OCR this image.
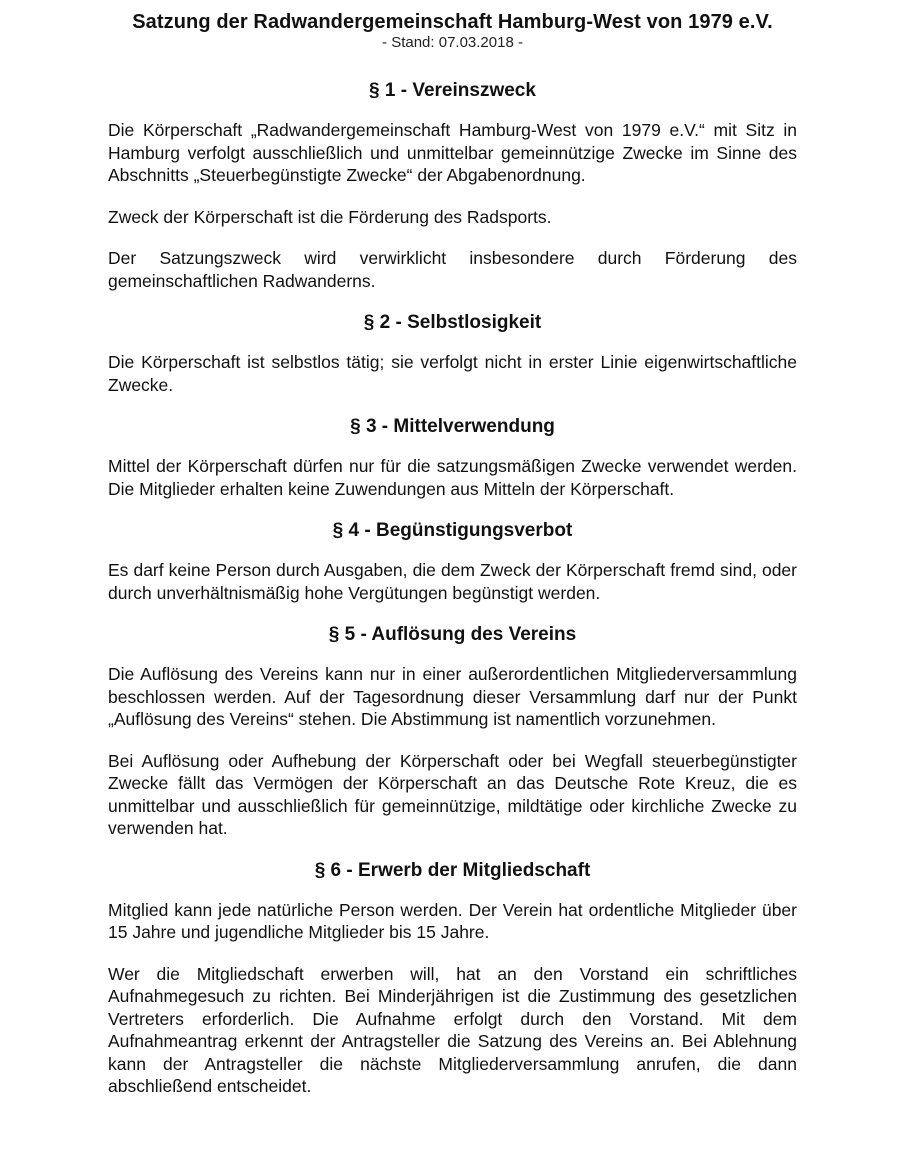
Satzung der Radwandergemeinschaft Hamburg-West von 1979 e.V.

- Stand: 07.03.2018 -

§ 1 - Vereinszweck

Die Körperschaft „Radwandergemeinschaft Hamburg-West von 1979 e.V.“ mit Sitz in Hamburg verfolgt ausschließlich und unmittelbar gemeinnützige Zwecke im Sinne des Abschnitts „Steuerbegünstigte Zwecke“ der Abgabenordnung.

Zweck der Körperschaft ist die Förderung des Radsports.

Der Satzungszweck wird verwirklicht insbesondere durch Förderung des gemeinschaftlichen Radwanderns.

§ 2 - Selbstlosigkeit

Die Körperschaft ist selbstlos tätig; sie verfolgt nicht in erster Linie eigenwirtschaftliche Zwecke.

§ 3 - Mittelverwendung

Mittel der Körperschaft dürfen nur für die satzungsmäßigen Zwecke verwendet werden. Die Mitglieder erhalten keine Zuwendungen aus Mitteln der Körperschaft.

§ 4 - Begünstigungsverbot

Es darf keine Person durch Ausgaben, die dem Zweck der Körperschaft fremd sind, oder durch unverhältnismäßig hohe Vergütungen begünstigt werden.

§ 5 - Auflösung des Vereins

Die Auflösung des Vereins kann nur in einer außerordentlichen Mitgliederversammlung beschlossen werden. Auf der Tagesordnung dieser Versammlung darf nur der Punkt „Auflösung des Vereins“ stehen. Die Abstimmung ist namentlich vorzunehmen.

Bei Auflösung oder Aufhebung der Körperschaft oder bei Wegfall steuerbegünstigter Zwecke fällt das Vermögen der Körperschaft an das Deutsche Rote Kreuz, die es unmittelbar und ausschließlich für gemeinnützige, mildtätige oder kirchliche Zwecke zu verwenden hat.

§ 6 - Erwerb der Mitgliedschaft

Mitglied kann jede natürliche Person werden. Der Verein hat ordentliche Mitglieder über 15 Jahre und jugendliche Mitglieder bis 15 Jahre.

Wer die Mitgliedschaft erwerben will, hat an den Vorstand ein schriftliches Aufnahmegesuch zu richten. Bei Minderjährigen ist die Zustimmung des gesetzlichen Vertreters erforderlich. Die Aufnahme erfolgt durch den Vorstand. Mit dem Aufnahmeantrag erkennt der Antragsteller die Satzung des Vereins an. Bei Ablehnung kann der Antragsteller die nächste Mitgliederversammlung anrufen, die dann abschließend entscheidet.
